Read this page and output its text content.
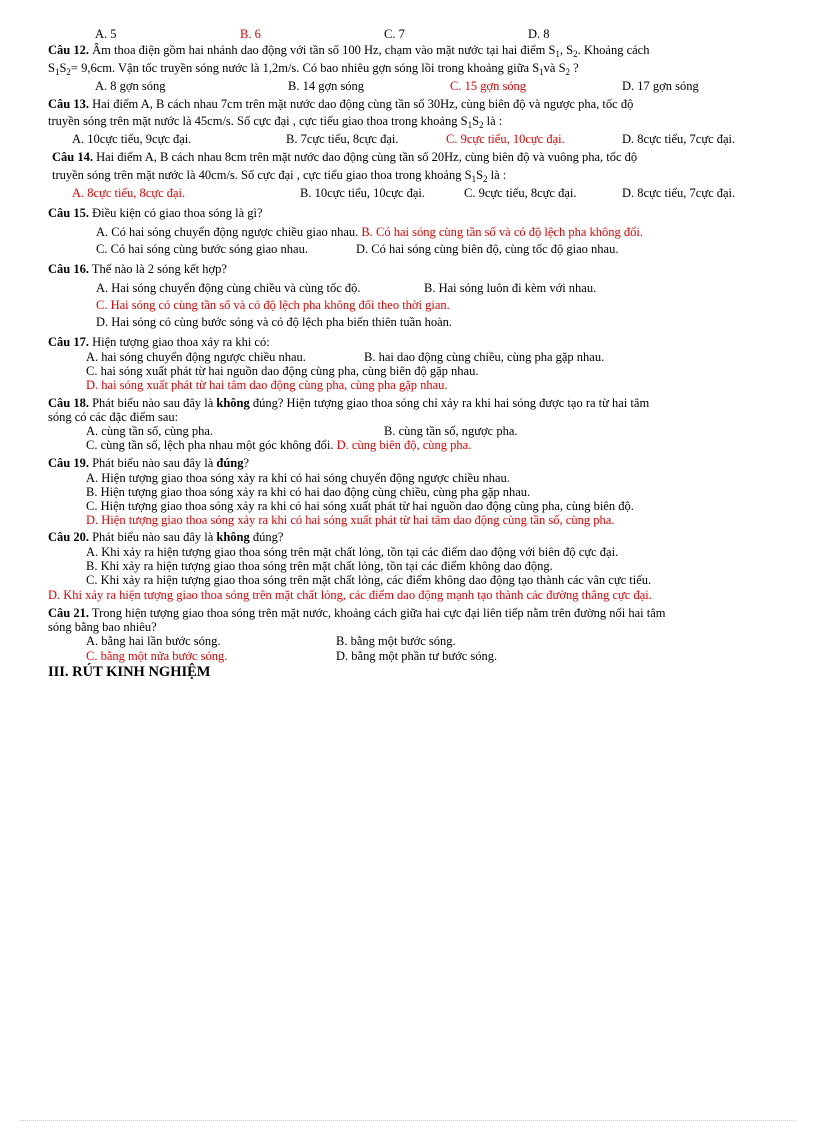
A. 5	B. 6	C. 7	D. 8
Câu 12. Âm thoa điện gồm hai nhánh dao động với tần số 100 Hz, chạm vào mặt nước tại hai điểm $S_1$, $S_2$. Khoảng cách
$S_1S_2= 9,6cm$. Vận tốc truyền sóng nước là 1,2m/s. Có bao nhiêu gợn sóng lồi trong khoảng giữa $S_1và$ $S_2$ ?
A. 8 gợn sóng	B. 14 gợn sóng	C. 15 gợn sóng	D. 17 gợn sóng
Câu 13. Hai điểm A, B cách nhau 7cm trên mặt nước dao động cùng tần số 30Hz, cùng biên độ và ngược pha, tốc độ
truyền sóng trên mặt nước là 45cm/s. Số cực đại , cực tiểu giao thoa trong khoảng $S_1S_2$ là :
A. 10cực tiểu, 9cực đại.	B. 7cực tiểu, 8cực đại.	C. 9cực tiểu, 10cực đại.	D. 8cực tiểu, 7cực đại.
Câu 14. Hai điểm A, B cách nhau 8cm trên mặt nước dao động cùng tần số 20Hz, cùng biên độ và vuông pha, tốc độ
truyền sóng trên mặt nước là 40cm/s. Số cực đại , cực tiểu giao thoa trong khoảng $S_1S_2$ là :
A. 8cực tiểu, 8cực đại.	B. 10cực tiểu, 10cực đại.	C. 9cực tiểu, 8cực đại.	D. 8cực tiểu, 7cực đại.
Câu 15. Điều kiện có giao thoa sóng là gì?
A. Có hai sóng chuyển động ngược chiều giao nhau. B. Có hai sóng cùng tần số và có độ lệch pha không đổi.
C. Có hai sóng cùng bước sóng giao nhau.	D. Có hai sóng cùng biên độ, cùng tốc độ giao nhau.
Câu 16. Thế nào là 2 sóng kết hợp?
A. Hai sóng chuyển động cùng chiều và cùng tốc độ.	B. Hai sóng luôn đi kèm với nhau.
C. Hai sóng có cùng tần số và có độ lệch pha không đổi theo thời gian.
D. Hai sóng có cùng bước sóng và có độ lệch pha biến thiên tuần hoàn.
Câu 17. Hiện tượng giao thoa xảy ra khi có:
A. hai sóng chuyển động ngược chiều nhau.	B. hai dao động cùng chiều, cùng pha gặp nhau.
C. hai sóng xuất phát từ hai nguồn dao động cùng pha, cùng biên độ gặp nhau.
D. hai sóng xuất phát từ hai tâm dao động cùng pha, cùng pha gặp nhau.
Câu 18. Phát biểu nào sau đây là không đúng? Hiện tượng giao thoa sóng chỉ xảy ra khi hai sóng được tạo ra từ hai tâm
sóng có các đặc điểm sau:
A. cùng tần số, cùng pha.	B. cùng tần số, ngược pha.
C. cùng tần số, lệch pha nhau một góc không đổi. D. cùng biên độ, cùng pha.
Câu 19. Phát biểu nào sau đây là đúng?
A. Hiện tượng giao thoa sóng xảy ra khi có hai sóng chuyển động ngược chiều nhau.
B. Hiện tượng giao thoa sóng xảy ra khi có hai dao động cùng chiều, cùng pha gặp nhau.
C. Hiện tượng giao thoa sóng xảy ra khi có hai sóng xuất phát từ hai nguồn dao động cùng pha, cùng biên độ.
D. Hiện tượng giao thoa sóng xảy ra khi có hai sóng xuất phát từ hai tâm dao động cùng tần số, cùng pha.
Câu 20. Phát biểu nào sau đây là không đúng?
A. Khi xảy ra hiện tượng giao thoa sóng trên mặt chất lỏng, tồn tại các điểm dao động với biên độ cực đại.
B. Khi xảy ra hiện tượng giao thoa sóng trên mặt chất lỏng, tồn tại các điểm không dao động.
C. Khi xảy ra hiện tượng giao thoa sóng trên mặt chất lỏng, các điểm không dao động tạo thành các vân cực tiểu.
D. Khi xảy ra hiện tượng giao thoa sóng trên mặt chất lỏng, các điểm dao động mạnh tạo thành các đường thẳng cực đại.
Câu 21. Trong hiện tượng giao thoa sóng trên mặt nước, khoảng cách giữa hai cực đại liên tiếp nằm trên đường nối hai tâm
sóng bằng bao nhiêu?
A. bằng hai lần bước sóng.	B. bằng một bước sóng.
C. bằng một nửa bước sóng.	D. bằng một phần tư bước sóng.
III. RÚT KINH NGHIỆM
